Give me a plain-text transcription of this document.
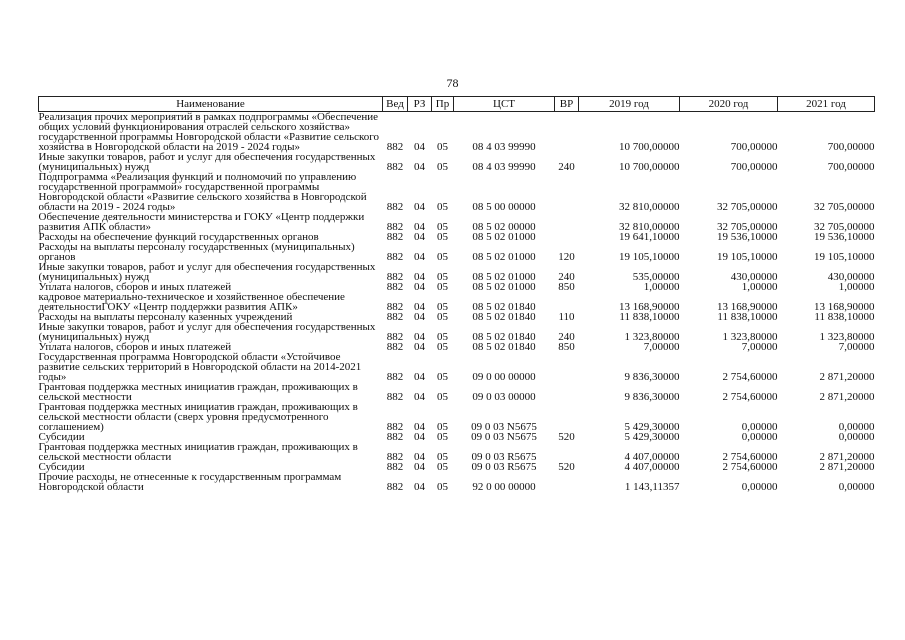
78
Наименование	Вед	РЗ	Пр	ЦСТ	ВР	2019 год	2020 год	2021 год
Реализация прочих мероприятий в рамках подпрограммы «Обеспечение общих условий функционирования отраслей сельского хозяйства» государственной программы Новгородской области «Развитие сельского хозяйства в Новгородской области на 2019 - 2024 годы»	882	04	05	08 4 03 99990		10 700,00000	700,00000	700,00000
Иные закупки товаров, работ и услуг для обеспечения государственных (муниципальных) нужд	882	04	05	08 4 03 99990	240	10 700,00000	700,00000	700,00000
Подпрограмма «Реализация функций и полномочий по управлению государственной программой» государственной программы Новгородской области «Развитие сельского хозяйства в Новгородской области на 2019 - 2024 годы»	882	04	05	08 5 00 00000		32 810,00000	32 705,00000	32 705,00000
Обеспечение деятельности министерства и ГОКУ «Центр поддержки развития АПК области»	882	04	05	08 5 02 00000		32 810,00000	32 705,00000	32 705,00000
Расходы на обеспечение функций государственных органов	882	04	05	08 5 02 01000		19 641,10000	19 536,10000	19 536,10000
Расходы на выплаты персоналу государственных (муниципальных) органов	882	04	05	08 5 02 01000	120	19 105,10000	19 105,10000	19 105,10000
Иные закупки товаров, работ и услуг для обеспечения государственных (муниципальных) нужд	882	04	05	08 5 02 01000	240	535,00000	430,00000	430,00000
Уплата налогов, сборов и иных платежей	882	04	05	08 5 02 01000	850	1,00000	1,00000	1,00000
кадровое материально-техническое и хозяйственное обеспечение деятельностиГОКУ «Центр поддержки развития АПК»	882	04	05	08 5 02 01840		13 168,90000	13 168,90000	13 168,90000
Расходы на выплаты персоналу казенных учреждений	882	04	05	08 5 02 01840	110	11 838,10000	11 838,10000	11 838,10000
Иные закупки товаров, работ и услуг для обеспечения государственных (муниципальных) нужд	882	04	05	08 5 02 01840	240	1 323,80000	1 323,80000	1 323,80000
Уплата налогов, сборов и иных платежей	882	04	05	08 5 02 01840	850	7,00000	7,00000	7,00000
Государственная программа Новгородской области «Устойчивое развитие сельских территорий в Новгородской области на 2014-2021 годы»	882	04	05	09 0 00 00000		9 836,30000	2 754,60000	2 871,20000
Грантовая поддержка местных инициатив граждан, проживающих в сельской местности	882	04	05	09 0 03 00000		9 836,30000	2 754,60000	2 871,20000
Грантовая поддержка местных инициатив граждан, проживающих в сельской местности области (сверх уровня предусмотренного соглашением)	882	04	05	09 0 03 N5675		5 429,30000	0,00000	0,00000
Субсидии	882	04	05	09 0 03 N5675	520	5 429,30000	0,00000	0,00000
Грантовая поддержка местных инициатив граждан, проживающих в сельской местности области	882	04	05	09 0 03 R5675		4 407,00000	2 754,60000	2 871,20000
Субсидии	882	04	05	09 0 03 R5675	520	4 407,00000	2 754,60000	2 871,20000
Прочие расходы, не отнесенные к государственным программам Новгородской области	882	04	05	92 0 00 00000		1 143,11357	0,00000	0,00000
